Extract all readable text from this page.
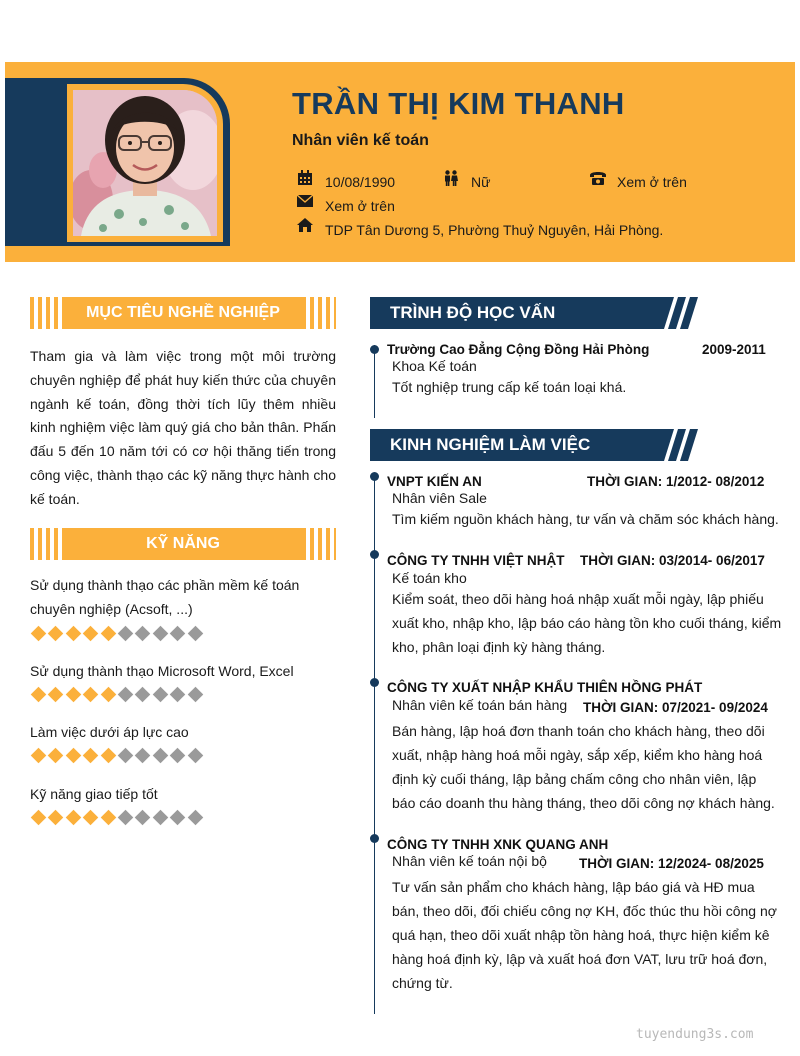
TRẦN THỊ KIM THANH
Nhân viên kế toán
10/08/1990	Nữ	Xem ở trên
Xem ở trên
TDP Tân Dương 5, Phường Thuỷ Nguyên, Hải Phòng.
MỤC TIÊU NGHỀ NGHIỆP
Tham gia và làm việc trong một môi trường chuyên nghiệp để phát huy kiến thức của chuyên ngành kế toán, đồng thời tích lũy thêm nhiều kinh nghiệm việc làm quý giá cho bản thân. Phấn đấu 5 đến 10 năm tới có cơ hội thăng tiến trong công việc, thành thạo các kỹ năng thực hành cho kế toán.
KỸ NĂNG
Sử dụng thành thạo các phần mềm kế toán chuyên nghiệp (Acsoft, ...)
Sử dụng thành thạo Microsoft Word, Excel
Làm việc dưới áp lực cao
Kỹ năng giao tiếp tốt
TRÌNH ĐỘ HỌC VẤN
Trường Cao Đẳng Cộng Đồng Hải Phòng	2009-2011
Khoa Kế toán
Tốt nghiệp trung cấp kế toán loại khá.
KINH NGHIỆM LÀM VIỆC
VNPT KIẾN AN	THỜI GIAN: 1/2012- 08/2012
Nhân viên Sale
Tìm kiếm nguồn khách hàng, tư vấn và chăm sóc khách hàng.
CÔNG TY TNHH VIỆT NHẬT THỜI GIAN: 03/2014- 06/2017
Kế toán kho
Kiểm soát, theo dõi hàng hoá nhập xuất mỗi ngày, lập phiếu xuất kho, nhập kho, lập báo cáo hàng tồn kho cuối tháng, kiểm kho, phân loại định kỳ hàng tháng.
CÔNG TY XUẤT NHẬP KHẨU THIÊN HỒNG PHÁT
THỜI GIAN: 07/2021- 09/2024
Nhân viên kế toán bán hàng
Bán hàng, lập hoá đơn thanh toán cho khách hàng, theo dõi xuất, nhập hàng hoá mỗi ngày, sắp xếp, kiểm kho hàng hoá định kỳ cuối tháng, lập bảng chấm công cho nhân viên, lập báo cáo doanh thu hàng tháng, theo dõi công nợ khách hàng.
CÔNG TY TNHH XNK QUANG ANH
THỜI GIAN: 12/2024- 08/2025
Nhân viên kế toán nội bộ
Tư vấn sản phẩm cho khách hàng, lập báo giá và HĐ mua bán, theo dõi, đối chiếu công nợ KH, đốc thúc thu hồi công nợ quá hạn, theo dõi xuất nhập tồn hàng hoá, thực hiện kiểm kê hàng hoá định kỳ, lập và xuất hoá đơn VAT, lưu trữ hoá đơn, chứng từ.
tuyendung3s.com
